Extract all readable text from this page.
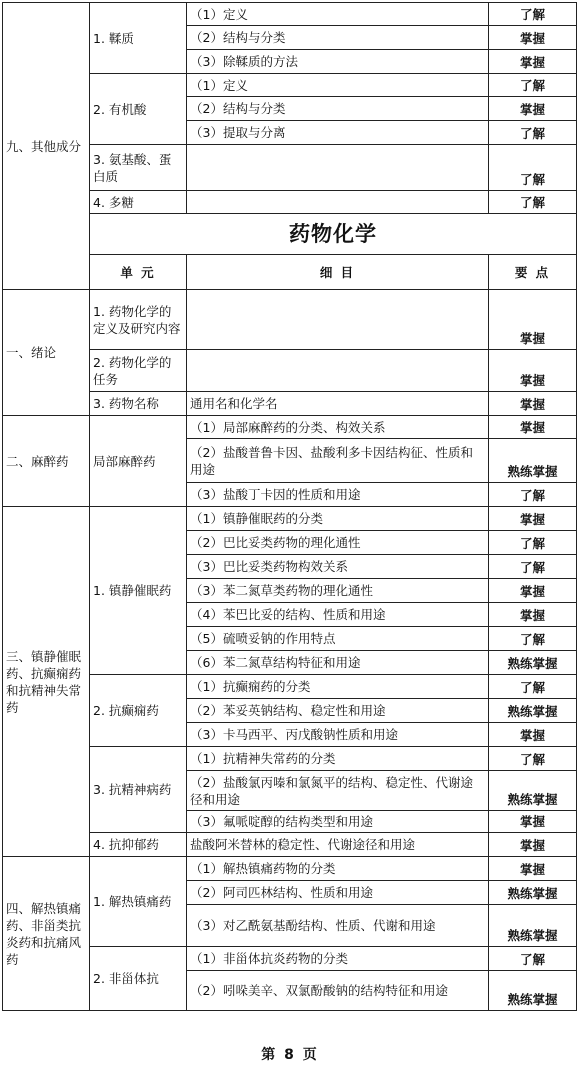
九、其他成分	1. 鞣质	（1）定义	了解	
		（2）结构与分类	掌握	
		（3）除鞣质的方法	掌握	
	2. 有机酸	（1）定义	了解	
		（2）结构与分类	掌握	
		（3）提取与分离	了解	
	3. 氨基酸、蛋白质		了解	
	4. 多糖		了解	
	药物化学			
	单 元	细 目	要 点	
一、绪论	1. 药物化学的定义及研究内容		掌握	
	2. 药物化学的任务		掌握	
	3. 药物名称	通用名和化学名	掌握	
二、麻醉药	局部麻醉药	（1）局部麻醉药的分类、构效关系	掌握	
		（2）盐酸普鲁卡因、盐酸利多卡因结构征、性质和用途	熟练掌握	
		（3）盐酸丁卡因的性质和用途	了解	
三、镇静催眠药、抗癫痫药和抗精神失常药	1. 镇静催眠药	（1）镇静催眠药的分类	掌握	
		（2）巴比妥类药物的理化通性	了解	
		（3）巴比妥类药物构效关系	了解	
		（3）苯二氮草类药物的理化通性	掌握	
		（4）苯巴比妥的结构、性质和用途	掌握	
		（5）硫喷妥钠的作用特点	了解	
		（6）苯二氮草结构特征和用途	熟练掌握	
	2. 抗癫痫药	（1）抗癫痫药的分类	了解	
		（2）苯妥英钠结构、稳定性和用途	熟练掌握	
		（3）卡马西平、丙戊酸钠性质和用途	掌握	
	3. 抗精神病药	（1）抗精神失常药的分类	了解	
		（2）盐酸氯丙嗪和氯氮平的结构、稳定性、代谢途径和用途	熟练掌握	
		（3）氟哌啶醇的结构类型和用途	掌握	
	4. 抗抑郁药	盐酸阿米替林的稳定性、代谢途径和用途	掌握	
四、解热镇痛药、非甾类抗炎药和抗痛风药	1. 解热镇痛药	（1）解热镇痛药物的分类	掌握	
		（2）阿司匹林结构、性质和用途	熟练掌握	
		（3）对乙酰氨基酚结构、性质、代谢和用途	熟练掌握	
	2. 非甾体抗	（1）非甾体抗炎药物的分类	了解	
		（2）吲哚美辛、双氯酚酸钠的结构特征和用途	熟练掌握	
第 8 页
